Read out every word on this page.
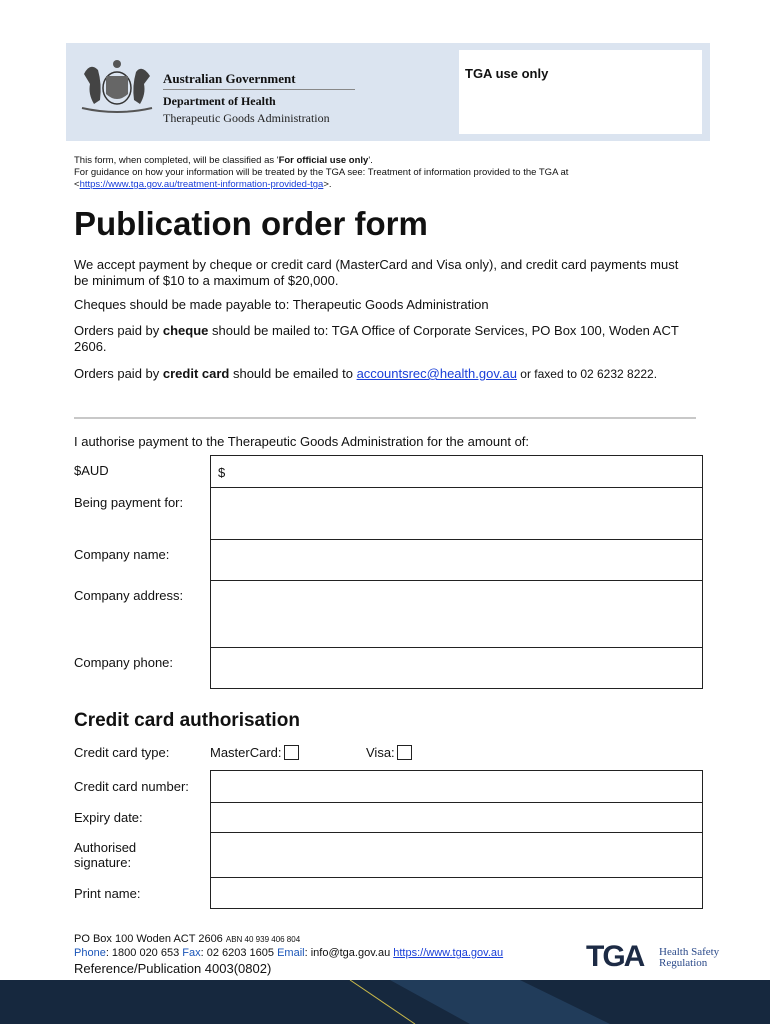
Australian Government
Department of Health
Therapeutic Goods Administration
TGA use only
This form, when completed, will be classified as 'For official use only'.
For guidance on how your information will be treated by the TGA see: Treatment of information provided to the TGA at
<https://www.tga.gov.au/treatment-information-provided-tga>.
Publication order form
We accept payment by cheque or credit card (MasterCard and Visa only), and credit card payments must be minimum of $10 to a maximum of $20,000.
Cheques should be made payable to: Therapeutic Goods Administration
Orders paid by cheque should be mailed to: TGA Office of Corporate Services, PO Box 100, Woden ACT 2606.
Orders paid by credit card should be emailed to accountsrec@health.gov.au or faxed to 02 6232 8222.
I authorise payment to the Therapeutic Goods Administration for the amount of:
$AUD	$
Being payment for:
Company name:
Company address:
Company phone:
Credit card authorisation
Credit card type:	MasterCard:	Visa:
Credit card number:
Expiry date:
Authorised
signature:
Print name:
PO Box 100 Woden ACT 2606 ABN 40 939 406 804
Phone: 1800 020 653 Fax: 02 6203 1605 Email: info@tga.gov.au https://www.tga.gov.au
Reference/Publication 4003(0802)	TGA Health Safety
Regulation
